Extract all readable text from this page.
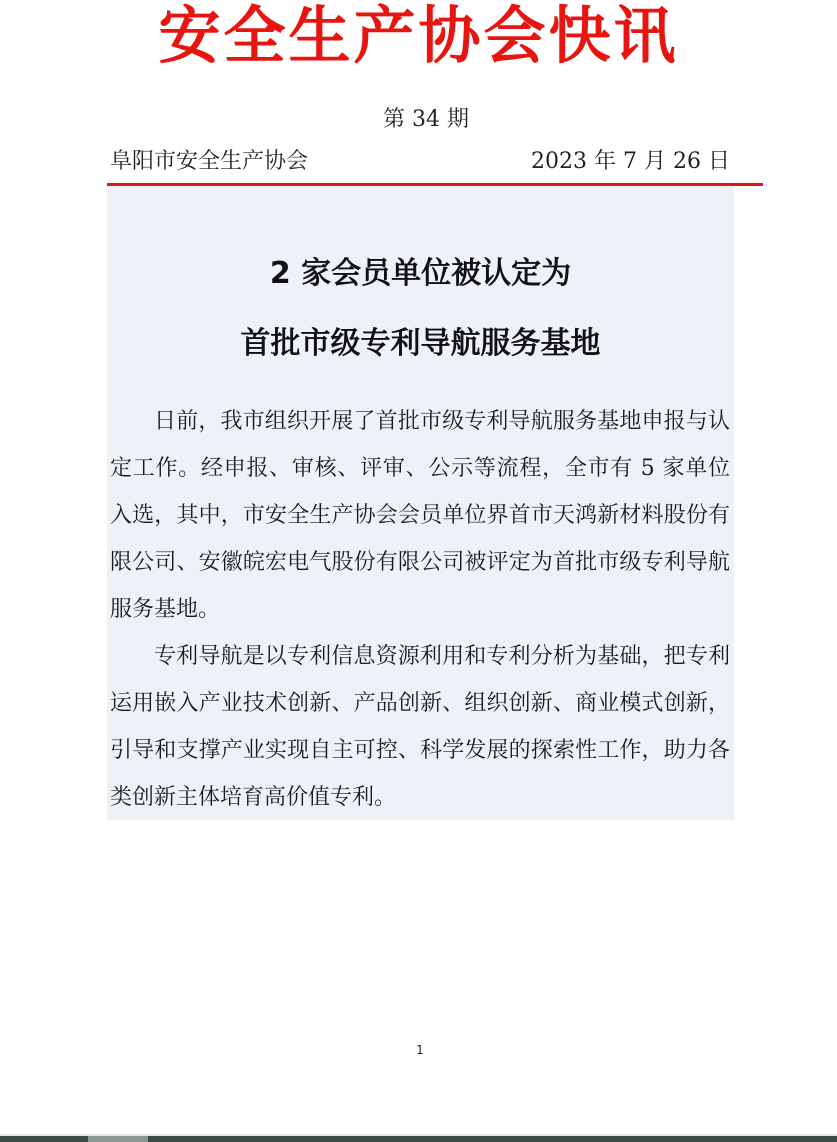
安全生产协会快讯
第 34 期
阜阳市安全生产协会	2023 年 7 月 26 日
2 家会员单位被认定为
首批市级专利导航服务基地

日前，我市组织开展了首批市级专利导航服务基地申报与认定工作。经申报、审核、评审、公示等流程，全市有 5 家单位入选，其中，市安全生产协会会员单位界首市天鸿新材料股份有限公司、安徽皖宏电气股份有限公司被评定为首批市级专利导航服务基地。

专利导航是以专利信息资源利用和专利分析为基础，把专利运用嵌入产业技术创新、产品创新、组织创新、商业模式创新，引导和支撑产业实现自主可控、科学发展的探索性工作，助力各类创新主体培育高价值专利。

1
